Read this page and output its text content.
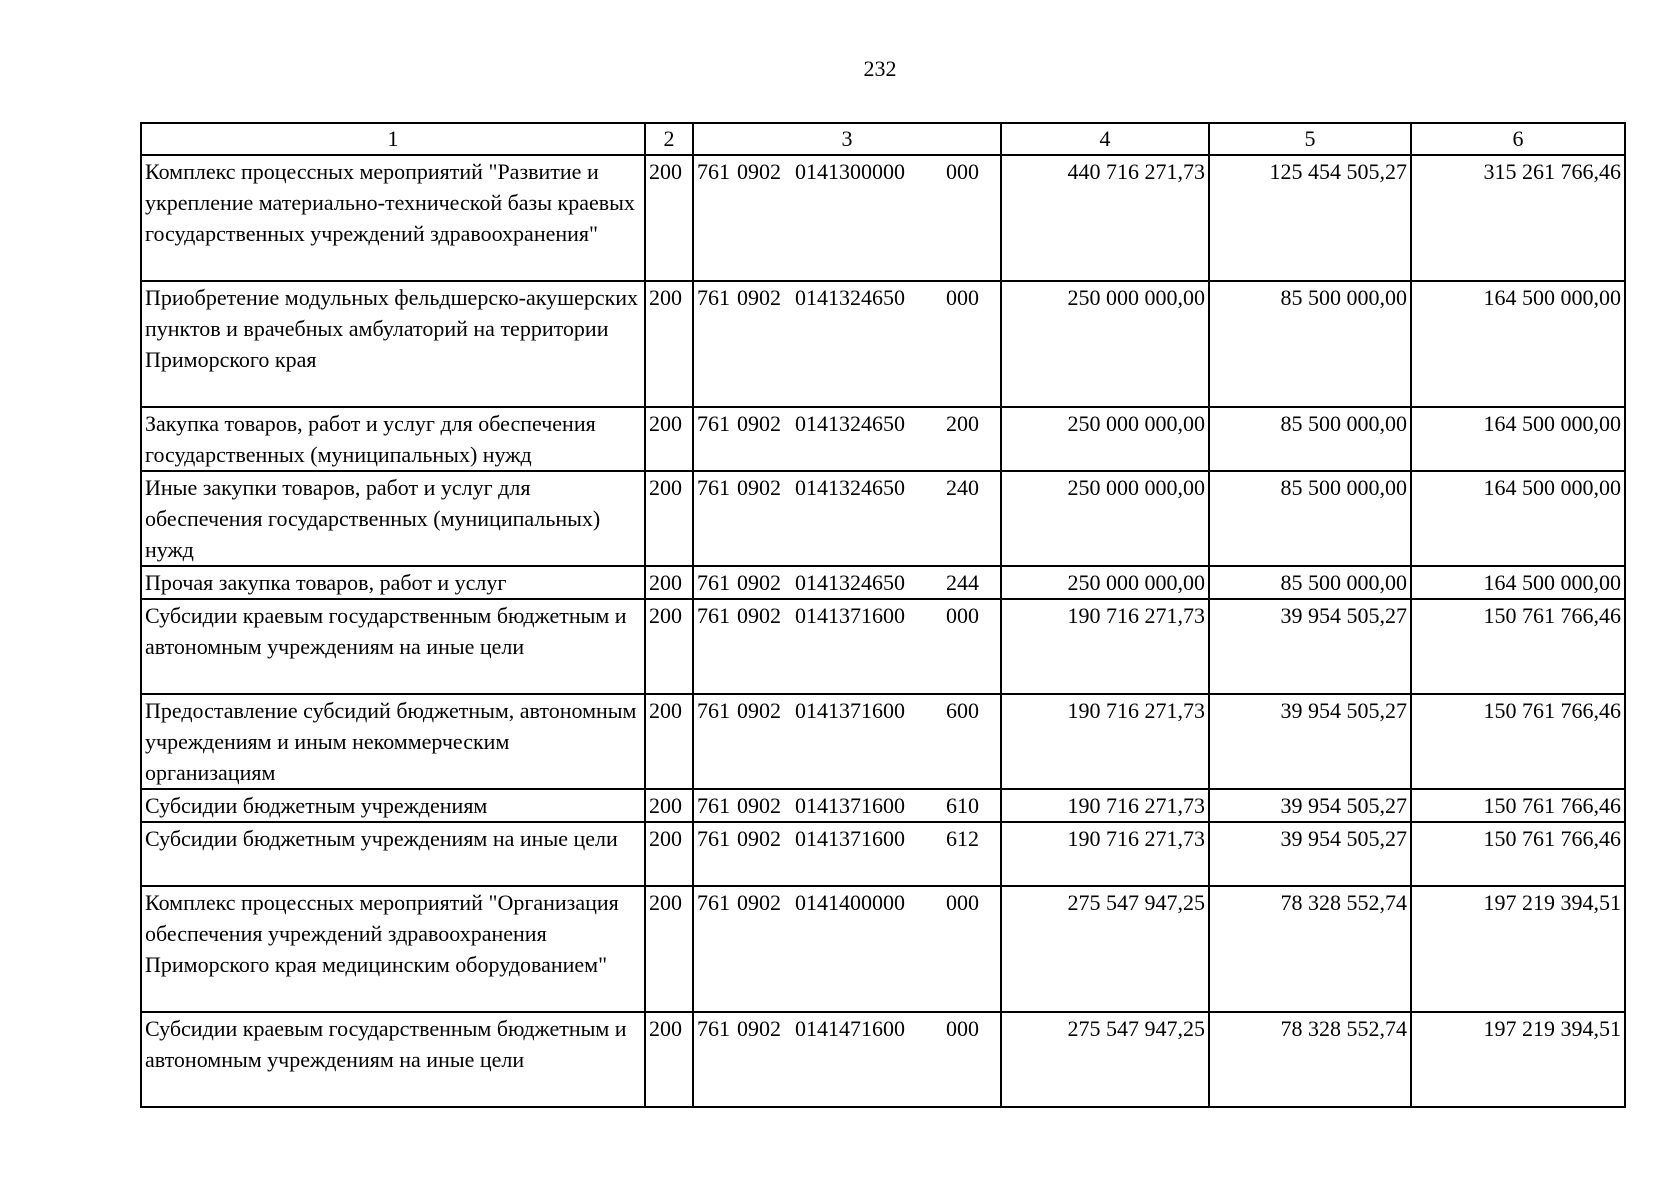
232
1	2	3	4	5	6
Комплекс процессных мероприятий "Развитие и укрепление материально-технической базы краевых государственных учреждений здравоохранения"	200	761 0902 0141300000 000	440 716 271,73	125 454 505,27	315 261 766,46
Приобретение модульных фельдшерско-акушерских пунктов и врачебных амбулаторий на территории Приморского края	200	761 0902 0141324650 000	250 000 000,00	85 500 000,00	164 500 000,00
Закупка товаров, работ и услуг для обеспечения государственных (муниципальных) нужд	200	761 0902 0141324650 200	250 000 000,00	85 500 000,00	164 500 000,00
Иные закупки товаров, работ и услуг для обеспечения государственных (муниципальных) нужд	200	761 0902 0141324650 240	250 000 000,00	85 500 000,00	164 500 000,00
Прочая закупка товаров, работ и услуг	200	761 0902 0141324650 244	250 000 000,00	85 500 000,00	164 500 000,00
Субсидии краевым государственным бюджетным и автономным учреждениям на иные цели	200	761 0902 0141371600 000	190 716 271,73	39 954 505,27	150 761 766,46
Предоставление субсидий бюджетным, автономным учреждениям и иным некоммерческим организациям	200	761 0902 0141371600 600	190 716 271,73	39 954 505,27	150 761 766,46
Субсидии бюджетным учреждениям	200	761 0902 0141371600 610	190 716 271,73	39 954 505,27	150 761 766,46
Субсидии бюджетным учреждениям на иные цели	200	761 0902 0141371600 612	190 716 271,73	39 954 505,27	150 761 766,46
Комплекс процессных мероприятий "Организация обеспечения учреждений здравоохранения Приморского края медицинским оборудованием"	200	761 0902 0141400000 000	275 547 947,25	78 328 552,74	197 219 394,51
Субсидии краевым государственным бюджетным и автономным учреждениям на иные цели	200	761 0902 0141471600 000	275 547 947,25	78 328 552,74	197 219 394,51
